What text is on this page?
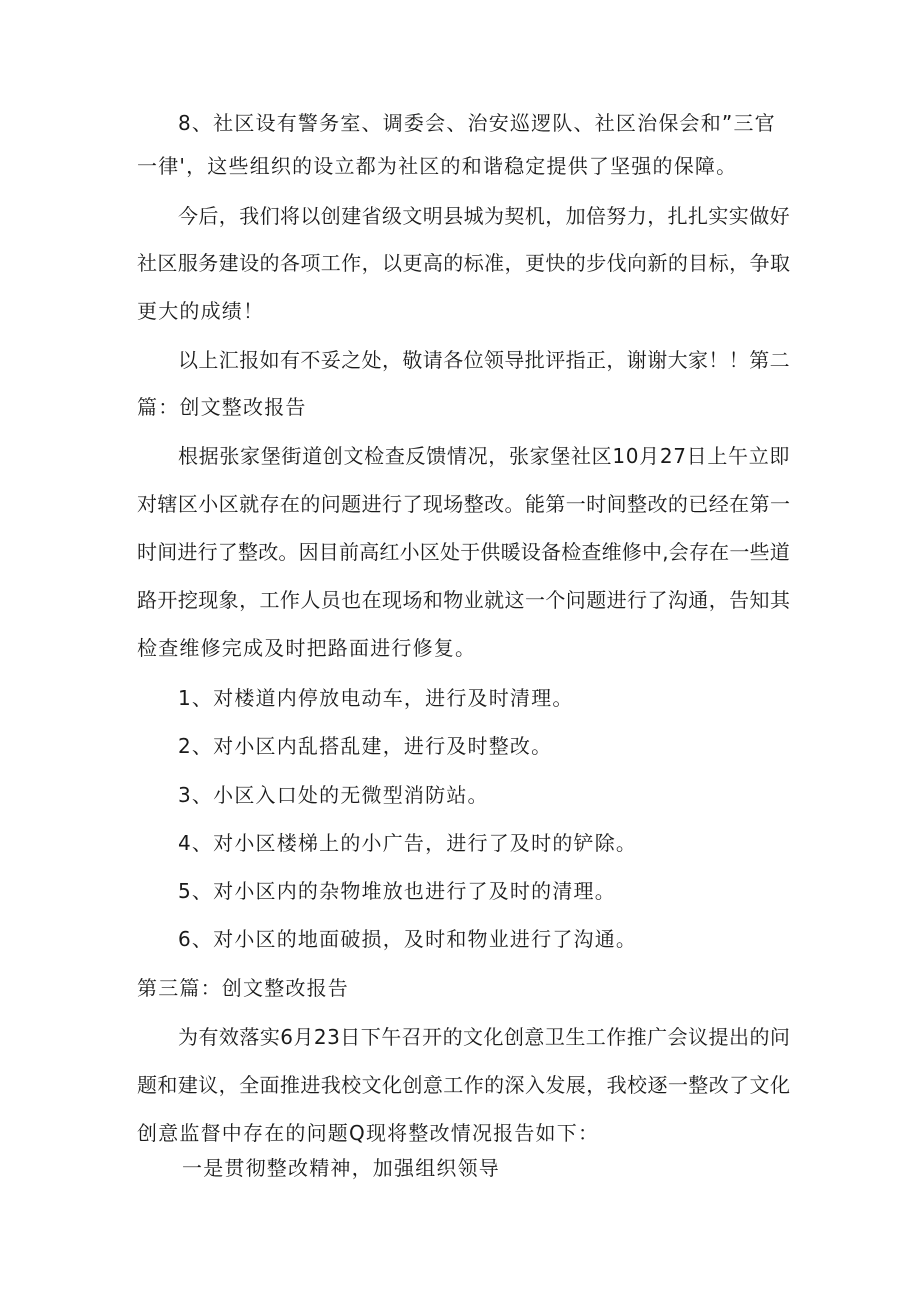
8、社区设有警务室、调委会、治安巡逻队、社区治保会和”三官
一律'，这些组织的设立都为社区的和谐稳定提供了坚强的保障。
今后，我们将以创建省级文明县城为契机，加倍努力，扎扎实实做好
社区服务建设的各项工作，以更高的标准，更快的步伐向新的目标，争取
更大的成绩！
以上汇报如有不妥之处，敬请各位领导批评指正，谢谢大家！！第二
篇：创文整改报告
根据张家堡街道创文检查反馈情况，张家堡社区10月27日上午立即
对辖区小区就存在的问题进行了现场整改。能第一时间整改的已经在第一
时间进行了整改。因目前高红小区处于供暖设备检查维修中,会存在一些道
路开挖现象，工作人员也在现场和物业就这一个问题进行了沟通，告知其
检查维修完成及时把路面进行修复。
1、对楼道内停放电动车，进行及时清理。
2、对小区内乱搭乱建，进行及时整改。
3、小区入口处的无微型消防站。
4、对小区楼梯上的小广告，进行了及时的铲除。
5、对小区内的杂物堆放也进行了及时的清理。
6、对小区的地面破损，及时和物业进行了沟通。
第三篇：创文整改报告
为有效落实6月23日下午召开的文化创意卫生工作推广会议提出的问
题和建议，全面推进我校文化创意工作的深入发展，我校逐一整改了文化
创意监督中存在的问题Q现将整改情况报告如下：
一是贯彻整改精神，加强组织领导
